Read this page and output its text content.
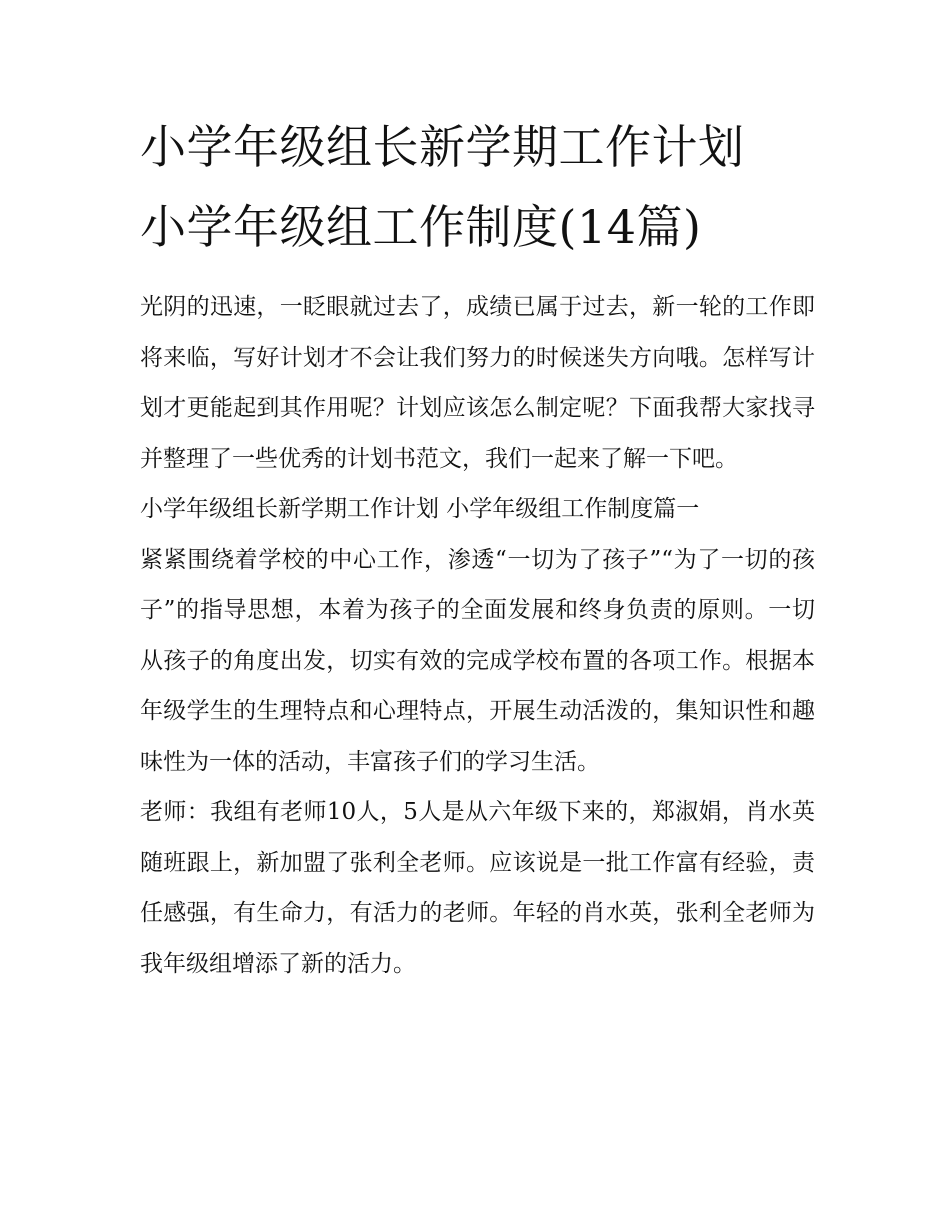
小学年级组长新学期工作计划
小学年级组工作制度(14篇)

光阴的迅速，一眨眼就过去了，成绩已属于过去，新一轮的工作即将来临，写好计划才不会让我们努力的时候迷失方向哦。怎样写计划才更能起到其作用呢？计划应该怎么制定呢？下面我帮大家找寻并整理了一些优秀的计划书范文，我们一起来了解一下吧。

小学年级组长新学期工作计划 小学年级组工作制度篇一

紧紧围绕着学校的中心工作，渗透“一切为了孩子”“为了一切的孩子”的指导思想，本着为孩子的全面发展和终身负责的原则。一切从孩子的角度出发，切实有效的完成学校布置的各项工作。根据本年级学生的生理特点和心理特点，开展生动活泼的，集知识性和趣味性为一体的活动，丰富孩子们的学习生活。

老师：我组有老师10人，5人是从六年级下来的，郑淑娟，肖水英随班跟上，新加盟了张利全老师。应该说是一批工作富有经验，责任感强，有生命力，有活力的老师。年轻的肖水英，张利全老师为我年级组增添了新的活力。
